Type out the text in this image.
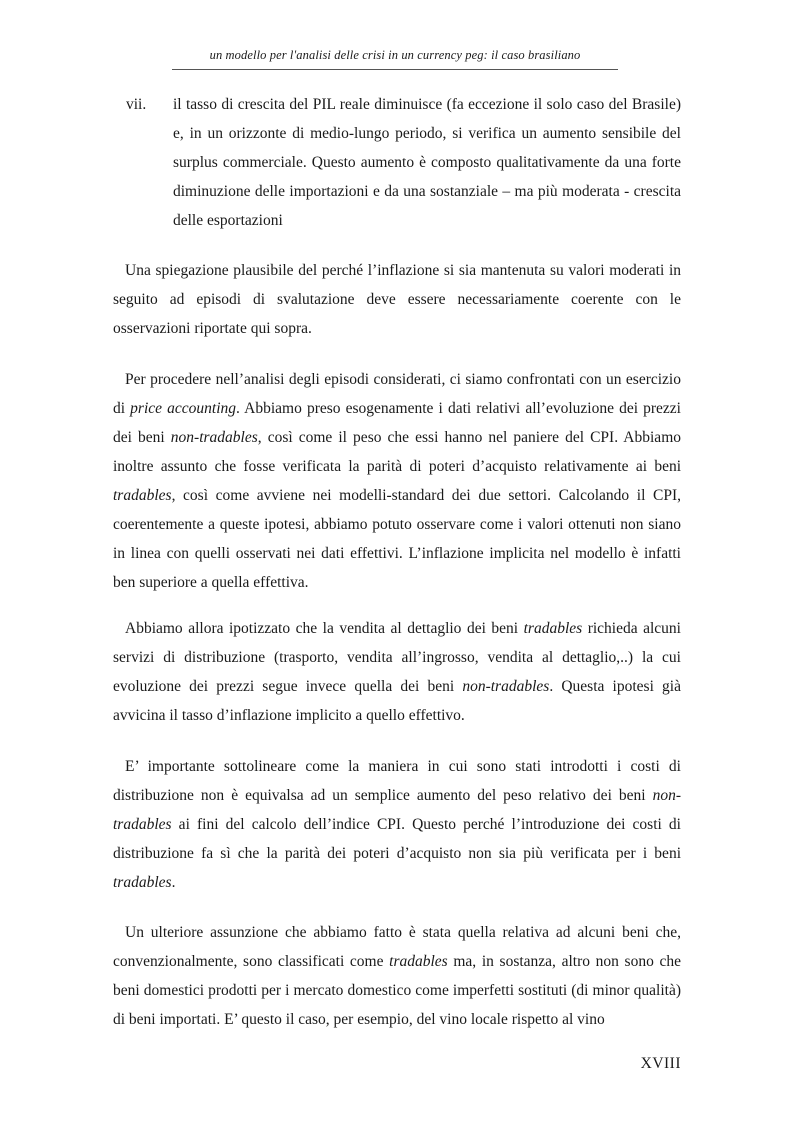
un modello per l'analisi delle crisi in un currency peg: il caso brasiliano
vii. il tasso di crescita del PIL reale diminuisce (fa eccezione il solo caso del Brasile) e, in un orizzonte di medio-lungo periodo, si verifica un aumento sensibile del surplus commerciale. Questo aumento è composto qualitativamente da una forte diminuzione delle importazioni e da una sostanziale – ma più moderata - crescita delle esportazioni

Una spiegazione plausibile del perché l’inflazione si sia mantenuta su valori moderati in seguito ad episodi di svalutazione deve essere necessariamente coerente con le osservazioni riportate qui sopra.

Per procedere nell’analisi degli episodi considerati, ci siamo confrontati con un esercizio di price accounting. Abbiamo preso esogenamente i dati relativi all’evoluzione dei prezzi dei beni non-tradables, così come il peso che essi hanno nel paniere del CPI. Abbiamo inoltre assunto che fosse verificata la parità di poteri d’acquisto relativamente ai beni tradables, così come avviene nei modelli-standard dei due settori. Calcolando il CPI, coerentemente a queste ipotesi, abbiamo potuto osservare come i valori ottenuti non siano in linea con quelli osservati nei dati effettivi. L’inflazione implicita nel modello è infatti ben superiore a quella effettiva.

Abbiamo allora ipotizzato che la vendita al dettaglio dei beni tradables richieda alcuni servizi di distribuzione (trasporto, vendita all’ingrosso, vendita al dettaglio,..) la cui evoluzione dei prezzi segue invece quella dei beni non-tradables. Questa ipotesi già avvicina il tasso d’inflazione implicito a quello effettivo.

E’ importante sottolineare come la maniera in cui sono stati introdotti i costi di distribuzione non è equivalsa ad un semplice aumento del peso relativo dei beni non-tradables ai fini del calcolo dell’indice CPI. Questo perché l’introduzione dei costi di distribuzione fa sì che la parità dei poteri d’acquisto non sia più verificata per i beni tradables.

Un ulteriore assunzione che abbiamo fatto è stata quella relativa ad alcuni beni che, convenzionalmente, sono classificati come tradables ma, in sostanza, altro non sono che beni domestici prodotti per i mercato domestico come imperfetti sostituti (di minor qualità) di beni importati. E’ questo il caso, per esempio, del vino locale rispetto al vino

XVIII
